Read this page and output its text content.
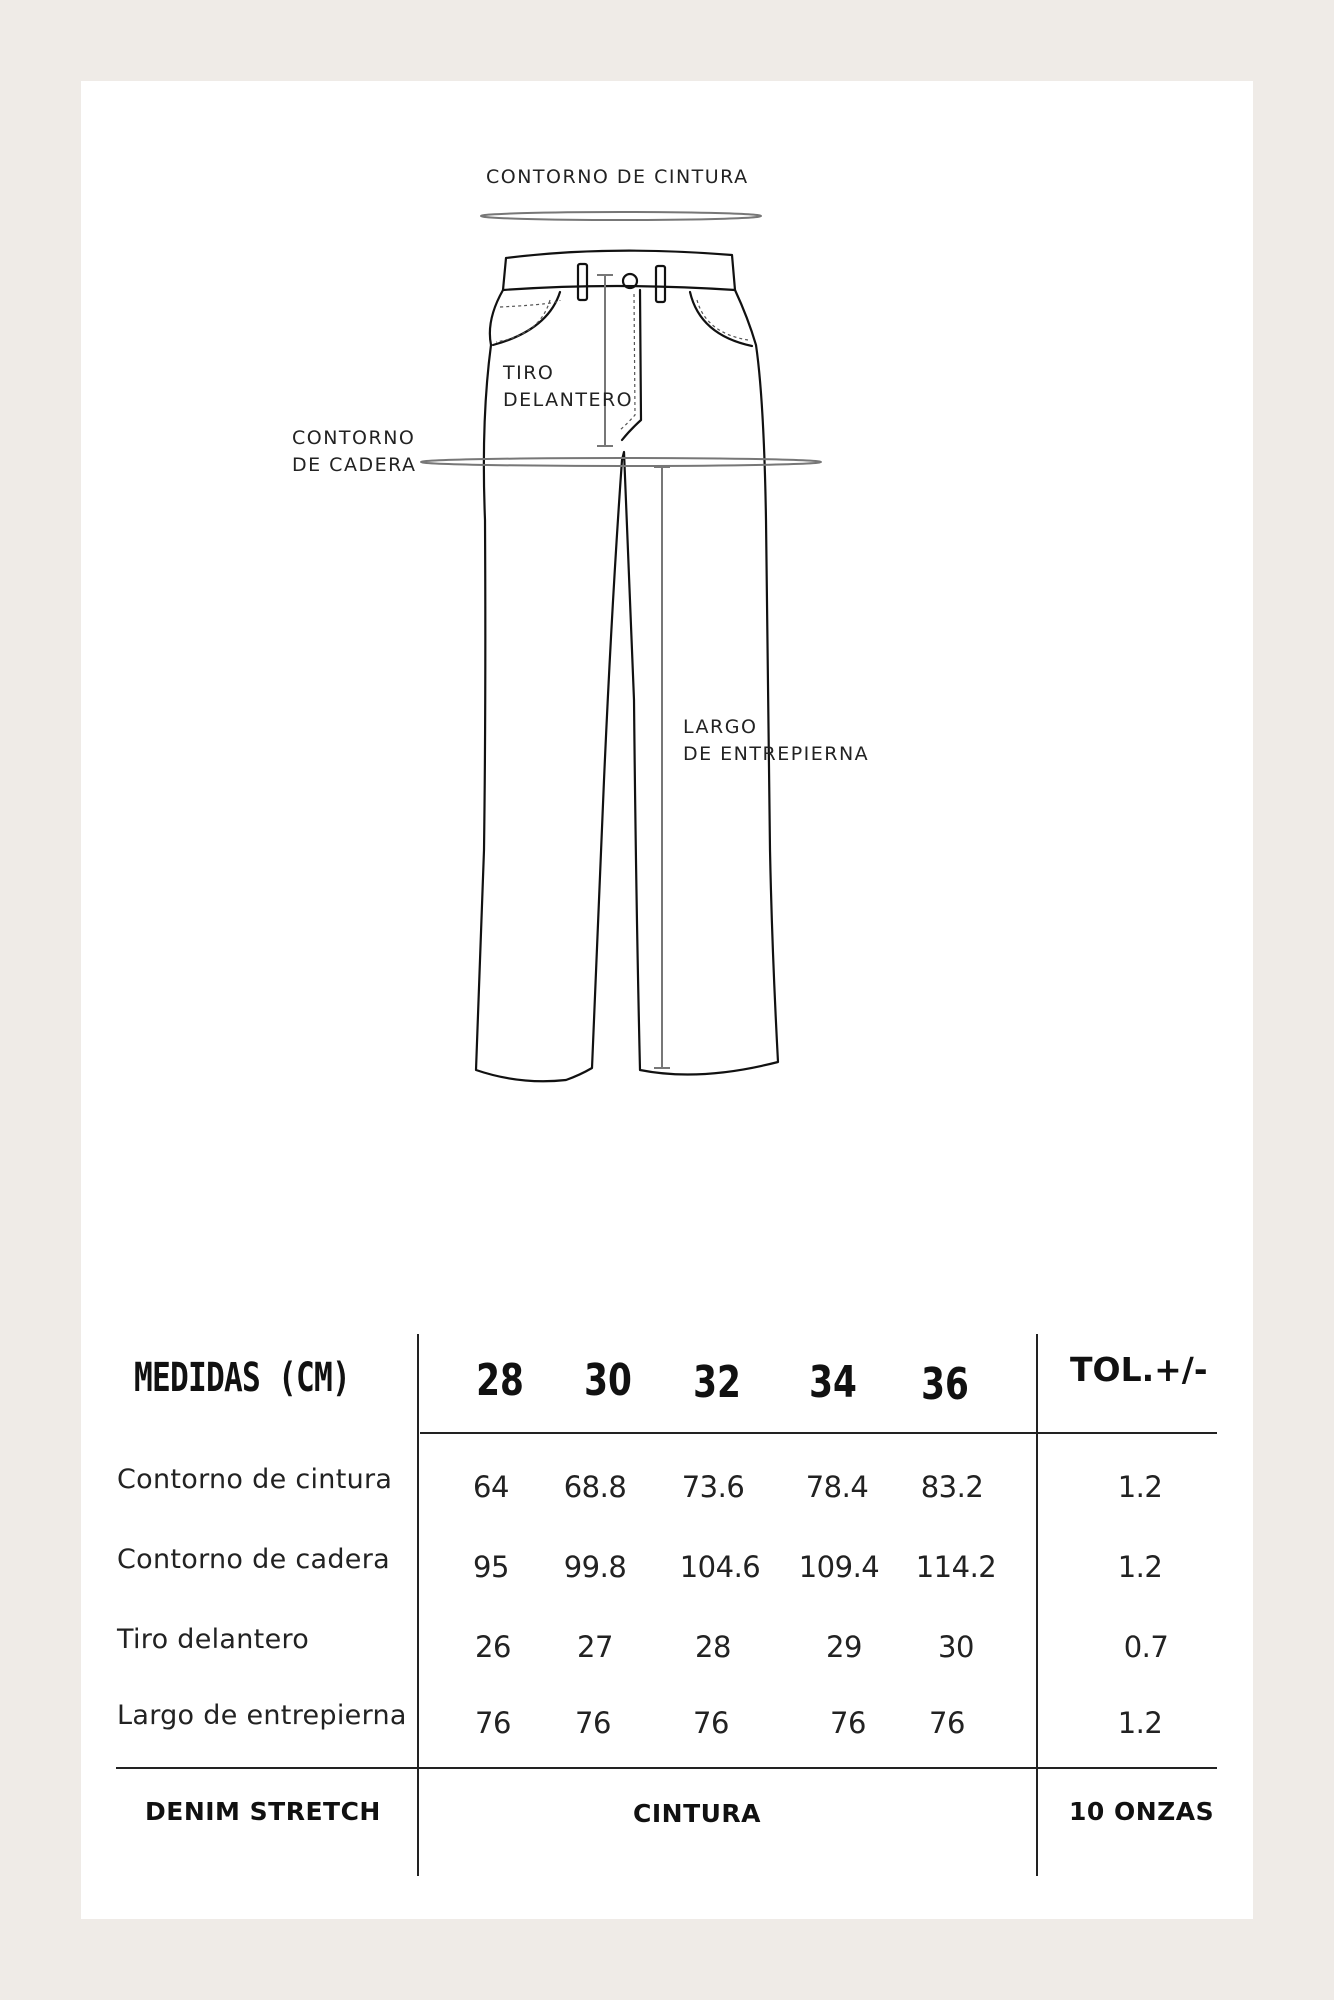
CONTORNO DE CINTURA
TIRO
DELANTERO
CONTORNO
DE CADERA
LARGO
DE ENTREPIERNA
MEDIDAS (CM)	28 30 32 34 36	TOL.+/-
Contorno de cintura	64	68.8	73.6	78.4	83.2	1.2
Contorno de cadera	95	99.8	104.6	109.4	114.2	1.2
Tiro delantero	26	27	28	29	30	0.7
Largo de entrepierna	76	76	76	76	76	1.2
DENIM STRETCH	CINTURA	10 ONZAS
